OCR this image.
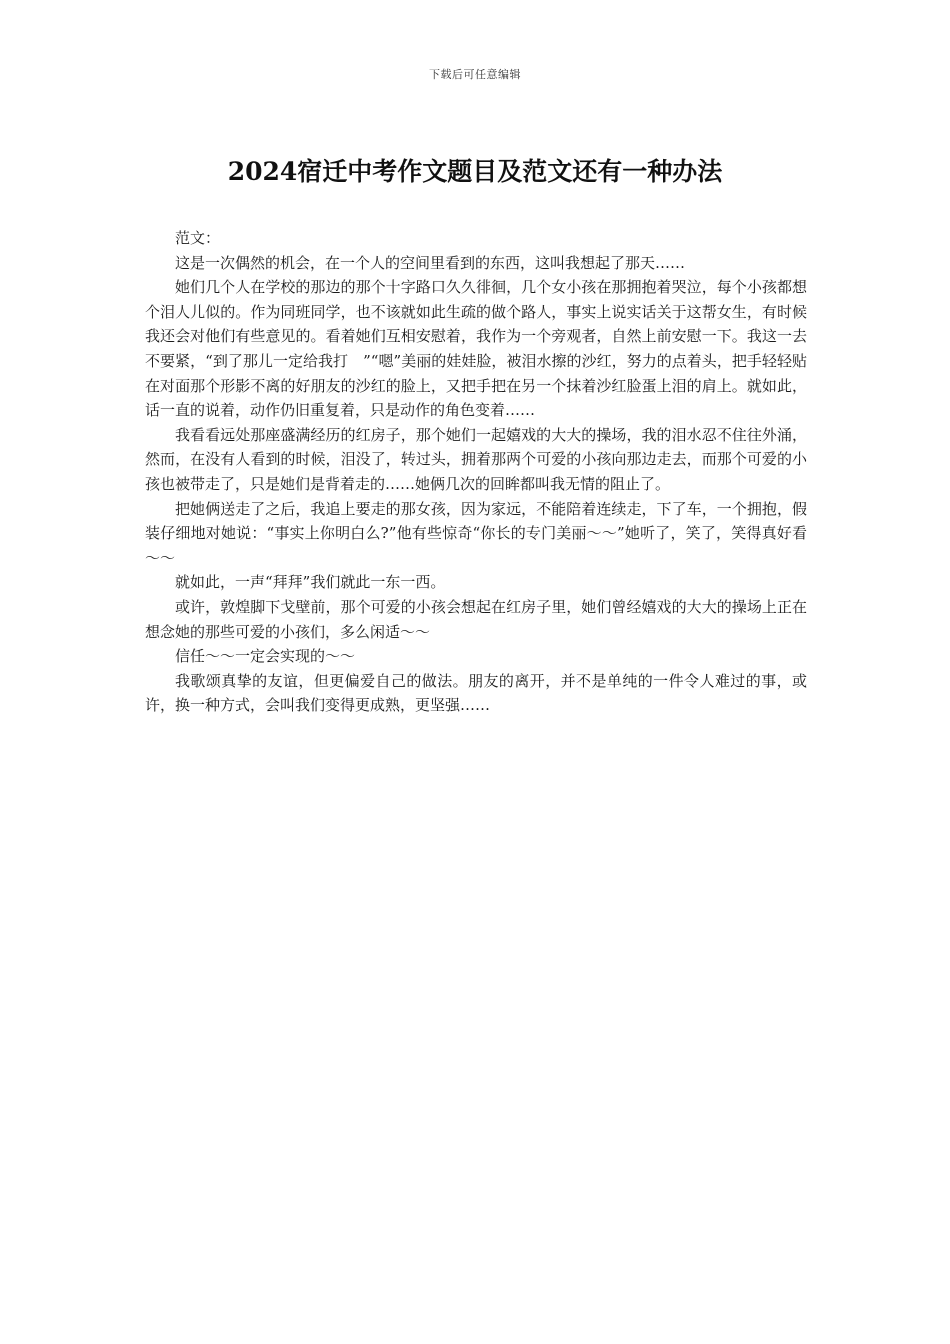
下载后可任意编辑
2024宿迁中考作文题目及范文还有一种办法

范文：

这是一次偶然的机会，在一个人的空间里看到的东西，这叫我想起了那天……

她们几个人在学校的那边的那个十字路口久久徘徊，几个女小孩在那拥抱着哭泣，每个小孩都想个泪人儿似的。作为同班同学，也不该就如此生疏的做个路人，事实上说实话关于这帮女生，有时候我还会对他们有些意见的。看着她们互相安慰着，我作为一个旁观者，自然上前安慰一下。我这一去不要紧，“到了那儿一定给我打　”“嗯”美丽的娃娃脸，被泪水擦的沙红，努力的点着头，把手轻轻贴在对面那个形影不离的好朋友的沙红的脸上，又把手把在另一个抹着沙红脸蛋上泪的肩上。就如此，话一直的说着，动作仍旧重复着，只是动作的角色变着……

我看看远处那座盛满经历的红房子，那个她们一起嬉戏的大大的操场，我的泪水忍不住往外涌，然而，在没有人看到的时候，泪没了，转过头，拥着那两个可爱的小孩向那边走去，而那个可爱的小孩也被带走了，只是她们是背着走的……她俩几次的回眸都叫我无情的阻止了。

把她俩送走了之后，我追上要走的那女孩，因为家远，不能陪着连续走，下了车，一个拥抱，假装仔细地对她说：“事实上你明白么?”他有些惊奇“你长的专门美丽～～”她听了，笑了，笑得真好看～～

就如此，一声“拜拜”我们就此一东一西。

或许，敦煌脚下戈壁前，那个可爱的小孩会想起在红房子里，她们曾经嬉戏的大大的操场上正在想念她的那些可爱的小孩们，多么闲适～～

信任～～一定会实现的～～

我歌颂真挚的友谊，但更偏爱自己的做法。朋友的离开，并不是单纯的一件令人难过的事，或许，换一种方式，会叫我们变得更成熟，更坚强……
